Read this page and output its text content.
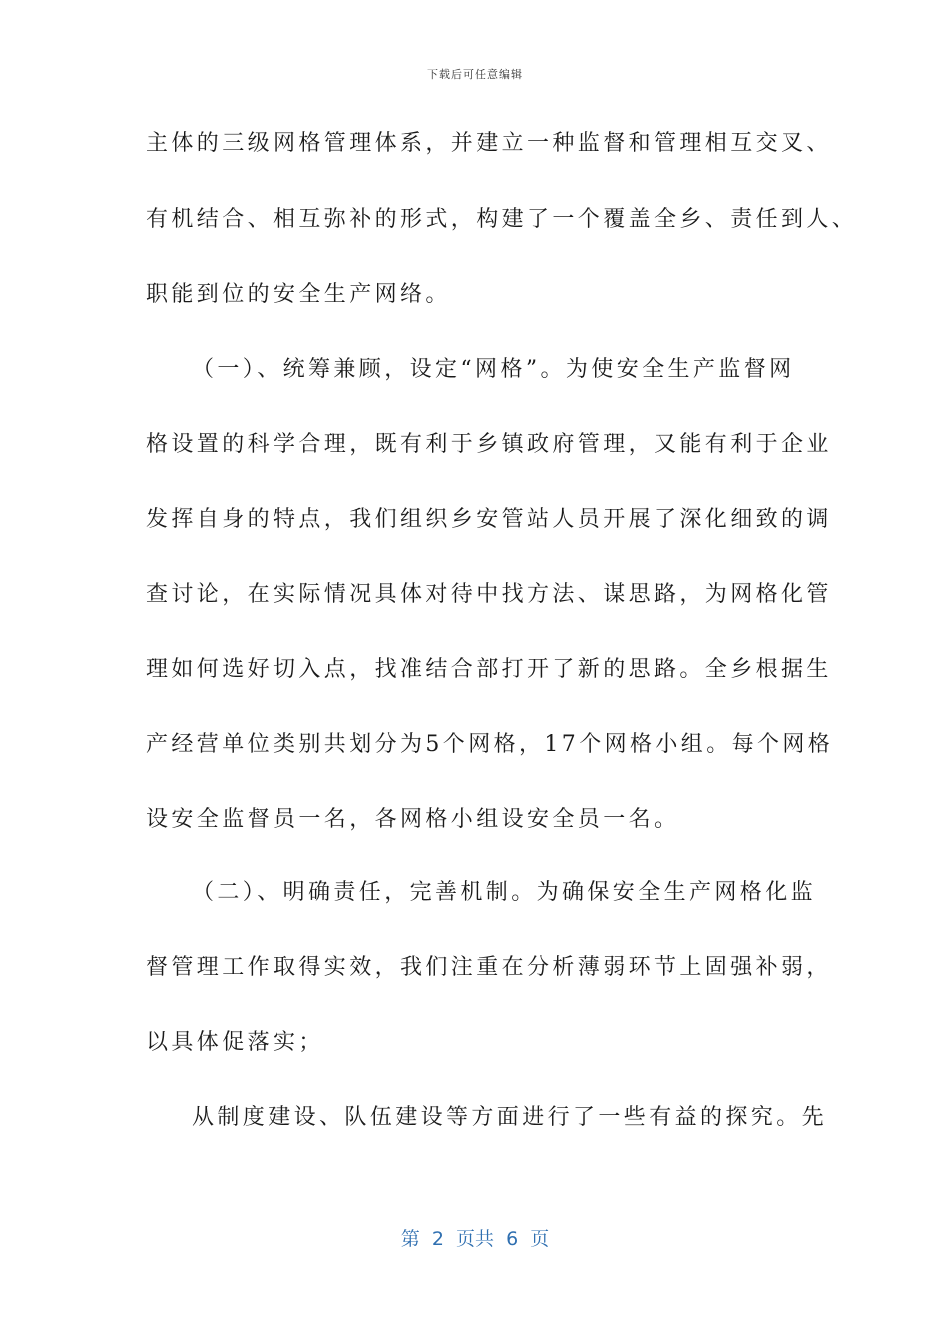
下载后可任意编辑
主体的三级网格管理体系，并建立一种监督和管理相互交叉、
有机结合、相互弥补的形式，构建了一个覆盖全乡、责任到人、
职能到位的安全生产网络。
（一）、统筹兼顾，设定“网格”。为使安全生产监督网
格设置的科学合理，既有利于乡镇政府管理，又能有利于企业
发挥自身的特点，我们组织乡安管站人员开展了深化细致的调
查讨论，在实际情况具体对待中找方法、谋思路，为网格化管
理如何选好切入点，找准结合部打开了新的思路。全乡根据生
产经营单位类别共划分为5个网格，17个网格小组。每个网格
设安全监督员一名，各网格小组设安全员一名。
（二）、明确责任，完善机制。为确保安全生产网格化监
督管理工作取得实效，我们注重在分析薄弱环节上固强补弱，
以具体促落实；
从制度建设、队伍建设等方面进行了一些有益的探究。先
第  2  页共  6  页
